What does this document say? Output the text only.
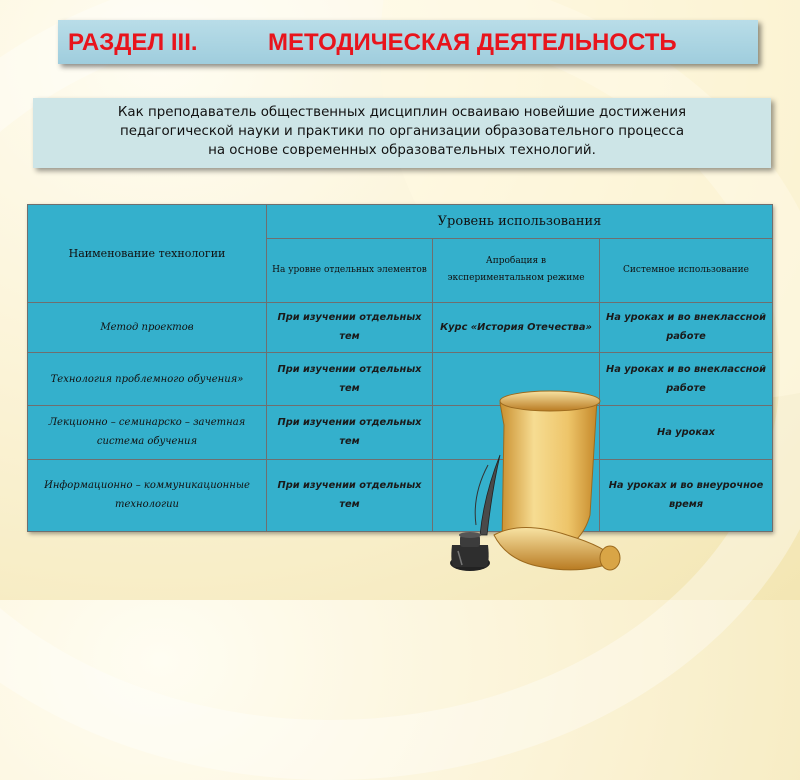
РАЗДЕЛ III.	МЕТОДИЧЕСКАЯ ДЕЯТЕЛЬНОСТЬ
Как преподаватель общественных дисциплин осваиваю новейшие достижения
педагогической науки и практики по организации образовательного процесса
на основе современных образовательных технологий.
Наименование технологии	Уровень использования		
	На уровне отдельных элементов	Апробация в экспериментальном режиме	Системное использование
Метод проектов	При изучении отдельных тем	Курс «История Отечества»	На уроках и во внеклассной работе
Технология проблемного обучения»	При изучении отдельных тем		На уроках и во внеклассной работе
Лекционно – семинарско – зачетная система обучения	При изучении отдельных тем		На уроках
Информационно – коммуникационные технологии	При изучении отдельных тем		На уроках и во внеурочное время
